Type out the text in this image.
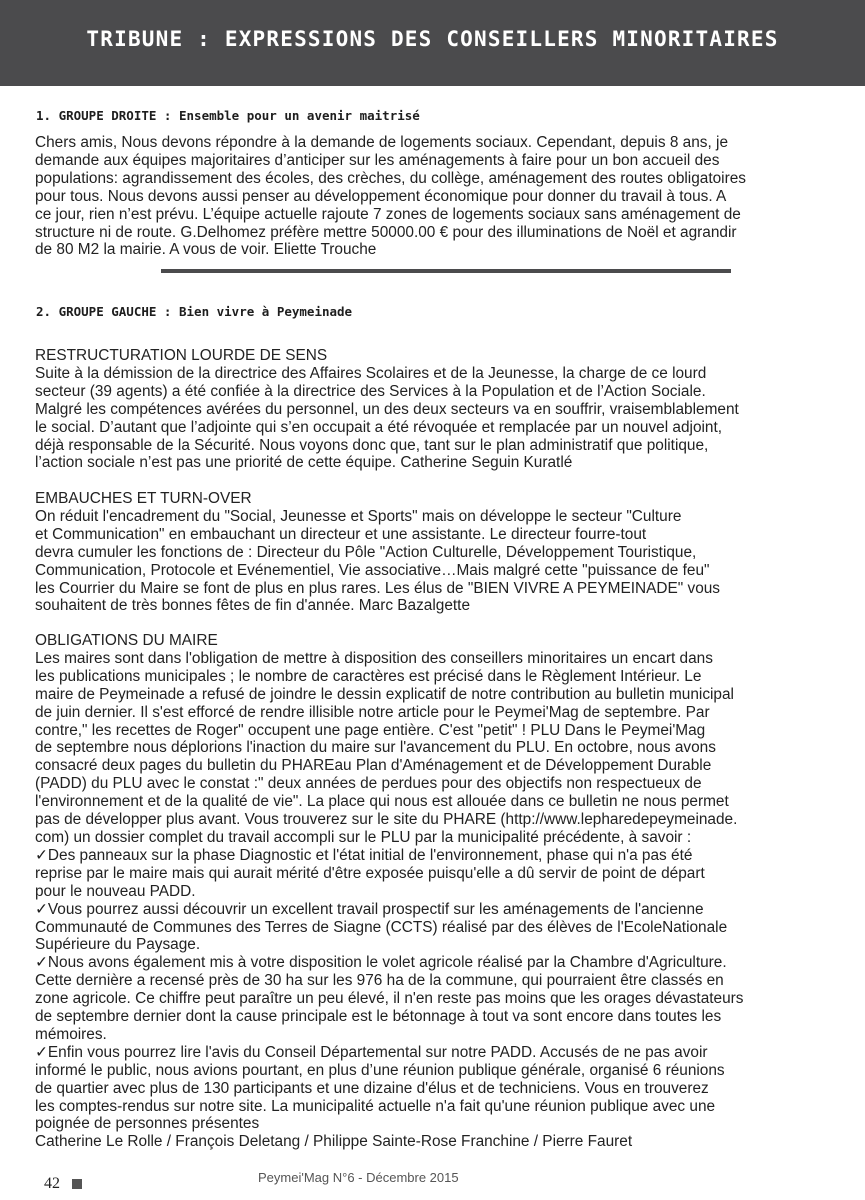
TRIBUNE : EXPRESSIONS DES CONSEILLERS MINORITAIRES
1. GROUPE DROITE : Ensemble pour un avenir maitrisé
Chers amis, Nous devons répondre à la demande de logements sociaux. Cependant, depuis 8 ans, je
demande aux équipes majoritaires d’anticiper sur les aménagements à faire pour un bon accueil des
populations: agrandissement des écoles, des crèches, du collège, aménagement des routes obligatoires
pour tous. Nous devons aussi penser au développement économique pour donner du travail à tous. A
ce jour, rien n’est prévu. L’équipe actuelle rajoute 7 zones de logements sociaux sans aménagement de
structure ni de route. G.Delhomez préfère mettre 50000.00 € pour des illuminations de Noël et agrandir
de 80 M2 la mairie. A vous de voir. Eliette Trouche
2. GROUPE GAUCHE : Bien vivre à Peymeinade
RESTRUCTURATION LOURDE DE SENS
Suite à la démission de la directrice des Affaires Scolaires et de la Jeunesse, la charge de ce lourd
secteur (39 agents) a été confiée à la directrice des Services à la Population et de l’Action Sociale.
Malgré les compétences avérées du personnel, un des deux secteurs va en souffrir, vraisemblablement
le social. D’autant que l’adjointe qui s’en occupait a été révoquée et remplacée par un nouvel adjoint,
déjà responsable de la Sécurité. Nous voyons donc que, tant sur le plan administratif que politique,
l’action sociale n’est pas une priorité de cette équipe. Catherine Seguin Kuratlé
EMBAUCHES ET TURN-OVER
On réduit l'encadrement du "Social, Jeunesse et Sports" mais on développe le secteur "Culture
et Communication" en embauchant un directeur et une assistante. Le directeur fourre-tout
devra cumuler les fonctions de : Directeur du Pôle "Action Culturelle, Développement Touristique,
Communication, Protocole et Evénementiel, Vie associative…Mais malgré cette "puissance de feu"
les Courrier du Maire se font de plus en plus rares. Les élus de "BIEN VIVRE A PEYMEINADE" vous
souhaitent de très bonnes fêtes de fin d'année. Marc Bazalgette
OBLIGATIONS DU MAIRE
Les maires sont dans l'obligation de mettre à disposition des conseillers minoritaires un encart dans
les publications municipales ; le nombre de caractères est précisé dans le Règlement Intérieur. Le
maire de Peymeinade a refusé de joindre le dessin explicatif de notre contribution au bulletin municipal
de juin dernier. Il s'est efforcé de rendre illisible notre article pour le Peymei'Mag de septembre. Par
contre," les recettes de Roger" occupent une page entière. C'est "petit" ! PLU Dans le Peymei'Mag
de septembre nous déplorions l'inaction du maire sur l'avancement du PLU. En octobre, nous avons
consacré deux pages du bulletin du PHAREau Plan d'Aménagement et de Développement Durable
(PADD) du PLU avec le constat :" deux années de perdues pour des objectifs non respectueux de
l'environnement et de la qualité de vie". La place qui nous est allouée dans ce bulletin ne nous permet
pas de développer plus avant. Vous trouverez sur le site du PHARE (http://www.lepharedepeymeinade.
com) un dossier complet du travail accompli sur le PLU par la municipalité précédente, à savoir :
✓Des panneaux sur la phase Diagnostic et l'état initial de l'environnement, phase qui n'a pas été
reprise par le maire mais qui aurait mérité d'être exposée puisqu'elle a dû servir de point de départ
pour le nouveau PADD.
✓Vous pourrez aussi découvrir un excellent travail prospectif sur les aménagements de l'ancienne
Communauté de Communes des Terres de Siagne (CCTS) réalisé par des élèves de l'EcoleNationale
Supérieure du Paysage.
✓Nous avons également mis à votre disposition le volet agricole réalisé par la Chambre d'Agriculture.
Cette dernière a recensé près de 30 ha sur les 976 ha de la commune, qui pourraient être classés en
zone agricole. Ce chiffre peut paraître un peu élevé, il n'en reste pas moins que les orages dévastateurs
de septembre dernier dont la cause principale est le bétonnage à tout va sont encore dans toutes les
mémoires.
✓Enfin vous pourrez lire l'avis du Conseil Départemental sur notre PADD. Accusés de ne pas avoir
informé le public, nous avions pourtant, en plus d’une réunion publique générale, organisé 6 réunions
de quartier avec plus de 130 participants et une dizaine d'élus et de techniciens. Vous en trouverez
les comptes-rendus sur notre site. La municipalité actuelle n'a fait qu'une réunion publique avec une
poignée de personnes présentes
Catherine Le Rolle / François Deletang / Philippe Sainte-Rose Franchine / Pierre Fauret
42	Peymei'Mag N°6 - Décembre 2015
